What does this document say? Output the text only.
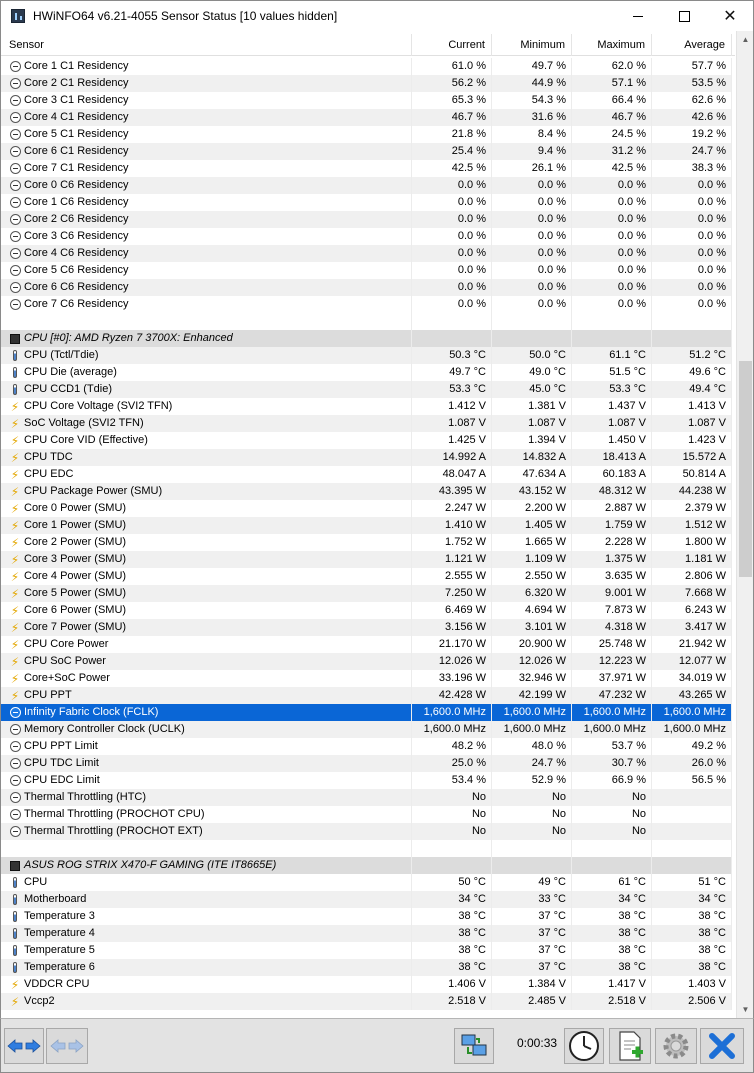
HWiNFO64 v6.21-4055 Sensor Status [10 values hidden]	✕
Sensor	Current	Minimum	Maximum	Average
Core 1 C1 Residency	61.0 %	49.7 %	62.0 %	57.7 %
Core 2 C1 Residency	56.2 %	44.9 %	57.1 %	53.5 %
Core 3 C1 Residency	65.3 %	54.3 %	66.4 %	62.6 %
Core 4 C1 Residency	46.7 %	31.6 %	46.7 %	42.6 %
Core 5 C1 Residency	21.8 %	8.4 %	24.5 %	19.2 %
Core 6 C1 Residency	25.4 %	9.4 %	31.2 %	24.7 %
Core 7 C1 Residency	42.5 %	26.1 %	42.5 %	38.3 %
Core 0 C6 Residency	0.0 %	0.0 %	0.0 %	0.0 %
Core 1 C6 Residency	0.0 %	0.0 %	0.0 %	0.0 %
Core 2 C6 Residency	0.0 %	0.0 %	0.0 %	0.0 %
Core 3 C6 Residency	0.0 %	0.0 %	0.0 %	0.0 %
Core 4 C6 Residency	0.0 %	0.0 %	0.0 %	0.0 %
Core 5 C6 Residency	0.0 %	0.0 %	0.0 %	0.0 %
Core 6 C6 Residency	0.0 %	0.0 %	0.0 %	0.0 %
Core 7 C6 Residency	0.0 %	0.0 %	0.0 %	0.0 %
CPU [#0]: AMD Ryzen 7 3700X: Enhanced
CPU (Tctl/Tdie)	50.3 °C	50.0 °C	61.1 °C	51.2 °C
CPU Die (average)	49.7 °C	49.0 °C	51.5 °C	49.6 °C
CPU CCD1 (Tdie)	53.3 °C	45.0 °C	53.3 °C	49.4 °C
⚡ CPU Core Voltage (SVI2 TFN)	1.412 V	1.381 V	1.437 V	1.413 V
⚡ SoC Voltage (SVI2 TFN)	1.087 V	1.087 V	1.087 V	1.087 V
⚡ CPU Core VID (Effective)	1.425 V	1.394 V	1.450 V	1.423 V
⚡ CPU TDC	14.992 A	14.832 A	18.413 A	15.572 A
⚡ CPU EDC	48.047 A	47.634 A	60.183 A	50.814 A
⚡ CPU Package Power (SMU)	43.395 W	43.152 W	48.312 W	44.238 W
⚡ Core 0 Power (SMU)	2.247 W	2.200 W	2.887 W	2.379 W
⚡ Core 1 Power (SMU)	1.410 W	1.405 W	1.759 W	1.512 W
⚡ Core 2 Power (SMU)	1.752 W	1.665 W	2.228 W	1.800 W
⚡ Core 3 Power (SMU)	1.121 W	1.109 W	1.375 W	1.181 W
⚡ Core 4 Power (SMU)	2.555 W	2.550 W	3.635 W	2.806 W
⚡ Core 5 Power (SMU)	7.250 W	6.320 W	9.001 W	7.668 W
⚡ Core 6 Power (SMU)	6.469 W	4.694 W	7.873 W	6.243 W
⚡ Core 7 Power (SMU)	3.156 W	3.101 W	4.318 W	3.417 W
⚡ CPU Core Power	21.170 W	20.900 W	25.748 W	21.942 W
⚡ CPU SoC Power	12.026 W	12.026 W	12.223 W	12.077 W
⚡ Core+SoC Power	33.196 W	32.946 W	37.971 W	34.019 W
⚡ CPU PPT	42.428 W	42.199 W	47.232 W	43.265 W
Infinity Fabric Clock (FCLK)	1,600.0 MHz	1,600.0 MHz	1,600.0 MHz	1,600.0 MHz
Memory Controller Clock (UCLK)	1,600.0 MHz	1,600.0 MHz	1,600.0 MHz	1,600.0 MHz
CPU PPT Limit	48.2 %	48.0 %	53.7 %	49.2 %
CPU TDC Limit	25.0 %	24.7 %	30.7 %	26.0 %
CPU EDC Limit	53.4 %	52.9 %	66.9 %	56.5 %
Thermal Throttling (HTC)	No	No	No
Thermal Throttling (PROCHOT CPU)	No	No	No
Thermal Throttling (PROCHOT EXT)	No	No	No
ASUS ROG STRIX X470-F GAMING (ITE IT8665E)
CPU	50 °C	49 °C	61 °C	51 °C
Motherboard	34 °C	33 °C	34 °C	34 °C
Temperature 3	38 °C	37 °C	38 °C	38 °C
Temperature 4	38 °C	37 °C	38 °C	38 °C
Temperature 5	38 °C	37 °C	38 °C	38 °C
Temperature 6	38 °C	37 °C	38 °C	38 °C
⚡ VDDCR CPU	1.406 V	1.384 V	1.417 V	1.403 V
⚡ Vccp2	2.518 V	2.485 V	2.518 V	2.506 V
▲
▼
0:00:33
